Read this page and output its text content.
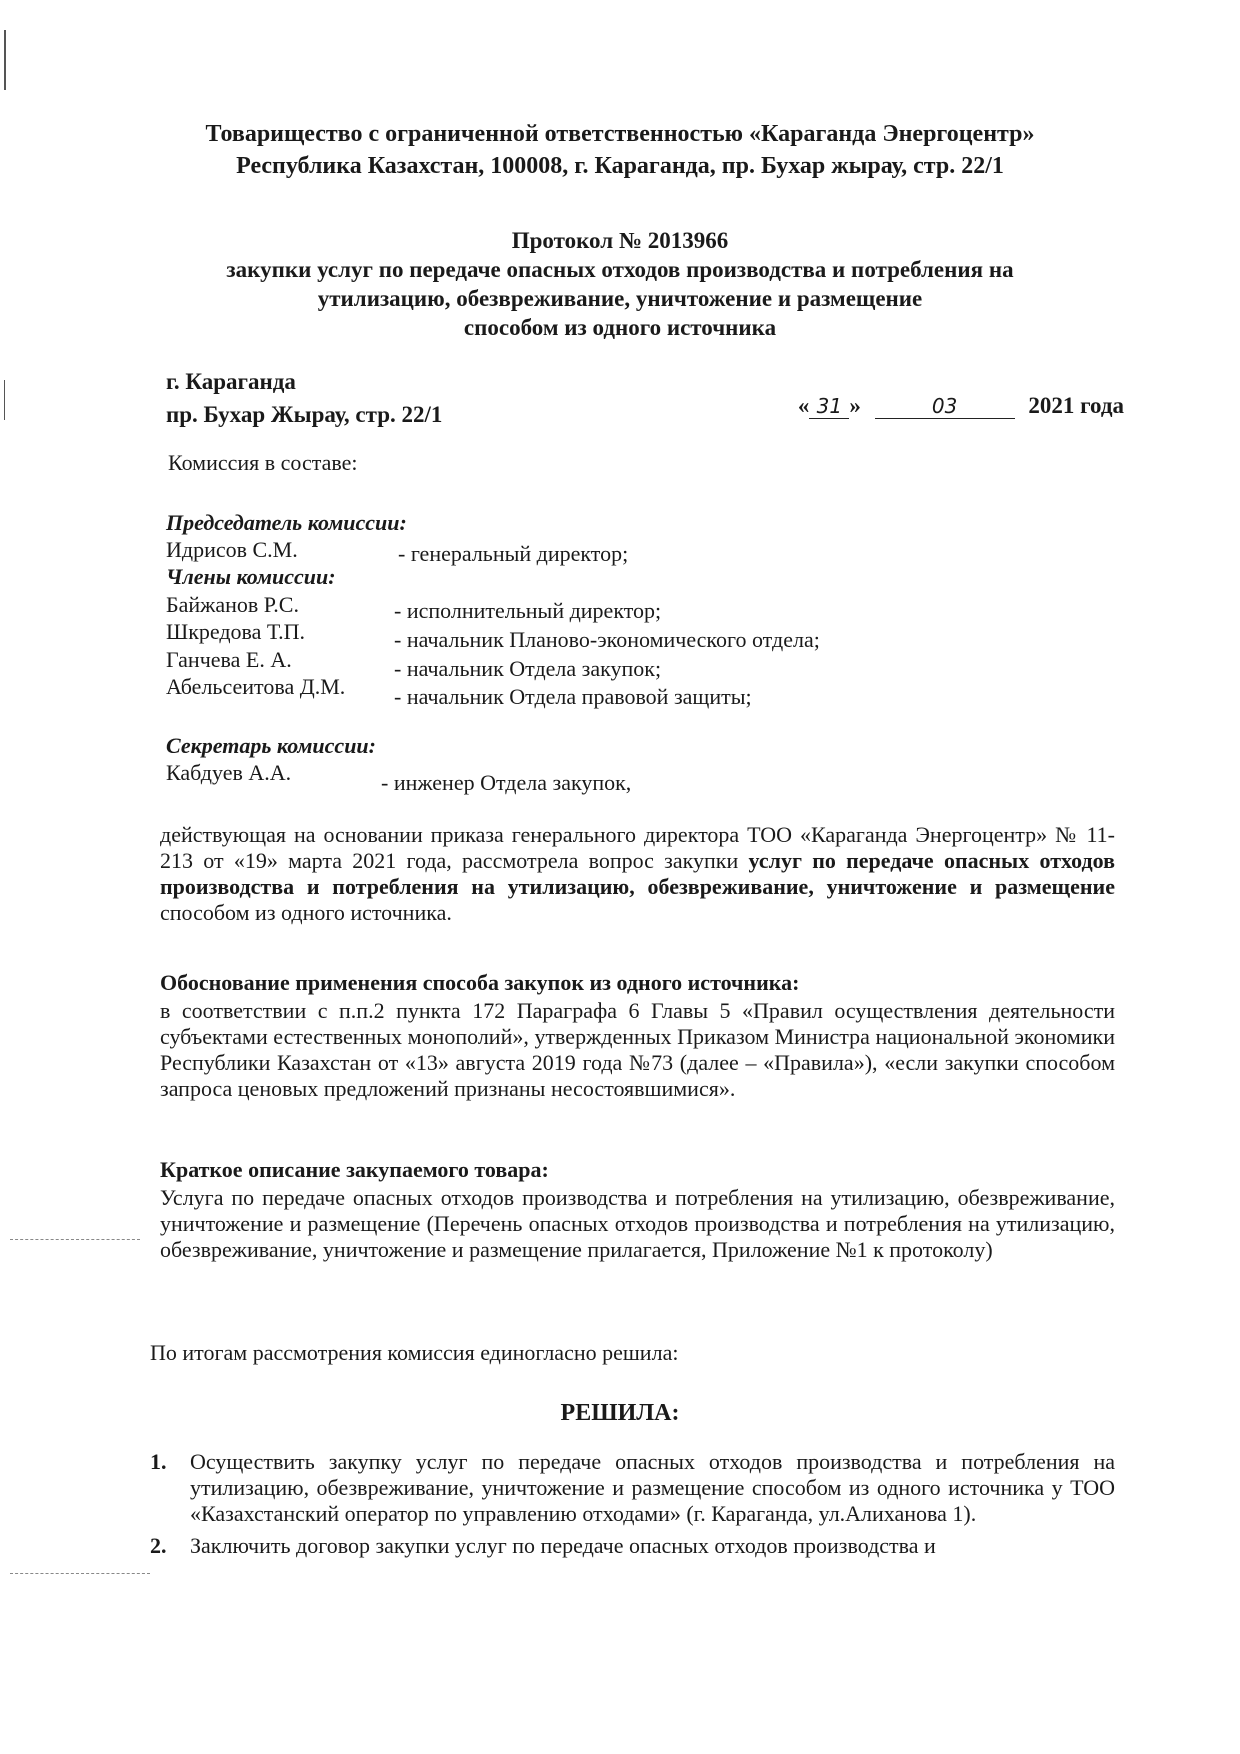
Товарищество с ограниченной ответственностью «Караганда Энергоцентр»
Республика Казахстан, 100008, г. Караганда, пр. Бухар жырау, стр. 22/1
Протокол № 2013966
закупки услуг по передаче опасных отходов производства и потребления на
утилизацию, обезвреживание, уничтожение и размещение
способом из одного источника
г. Караганда
пр. Бухар Жырау, стр. 22/1	« 31 »	03	2021 года
Комиссия в составе:
Председатель комиссии:
Идрисов С.М.	- генеральный директор;
Члены комиссии:
Байжанов Р.С.	- исполнительный директор;
Шкредова Т.П.	- начальник Планово-экономического отдела;
Ганчева Е. А.	- начальник Отдела закупок;
Абельсеитова Д.М. - начальник Отдела правовой защиты;
Секретарь комиссии:
Кабдуев А.А.	- инженер Отдела закупок,
действующая на основании приказа генерального директора ТОО «Караганда Энергоцентр» № 11-213 от «19» марта 2021 года, рассмотрела вопрос закупки услуг по передаче опасных отходов производства и потребления на утилизацию, обезвреживание, уничтожение и размещение способом из одного источника.
Обоснование применения способа закупок из одного источника:
в соответствии с п.п.2 пункта 172 Параграфа 6 Главы 5 «Правил осуществления деятельности субъектами естественных монополий», утвержденных Приказом Министра национальной экономики Республики Казахстан от «13» августа 2019 года №73 (далее – «Правила»), «если закупки способом запроса ценовых предложений признаны несостоявшимися».
Краткое описание закупаемого товара:
Услуга по передаче опасных отходов производства и потребления на утилизацию, обезвреживание, уничтожение и размещение (Перечень опасных отходов производства и потребления на утилизацию, обезвреживание, уничтожение и размещение прилагается, Приложение №1 к протоколу)
По итогам рассмотрения комиссия единогласно решила:
РЕШИЛА:
1. Осуществить закупку услуг по передаче опасных отходов производства и потребления на утилизацию, обезвреживание, уничтожение и размещение способом из одного источника у ТОО «Казахстанский оператор по управлению отходами» (г. Караганда, ул.Алиханова 1).
2. Заключить договор закупки услуг по передаче опасных отходов производства и
